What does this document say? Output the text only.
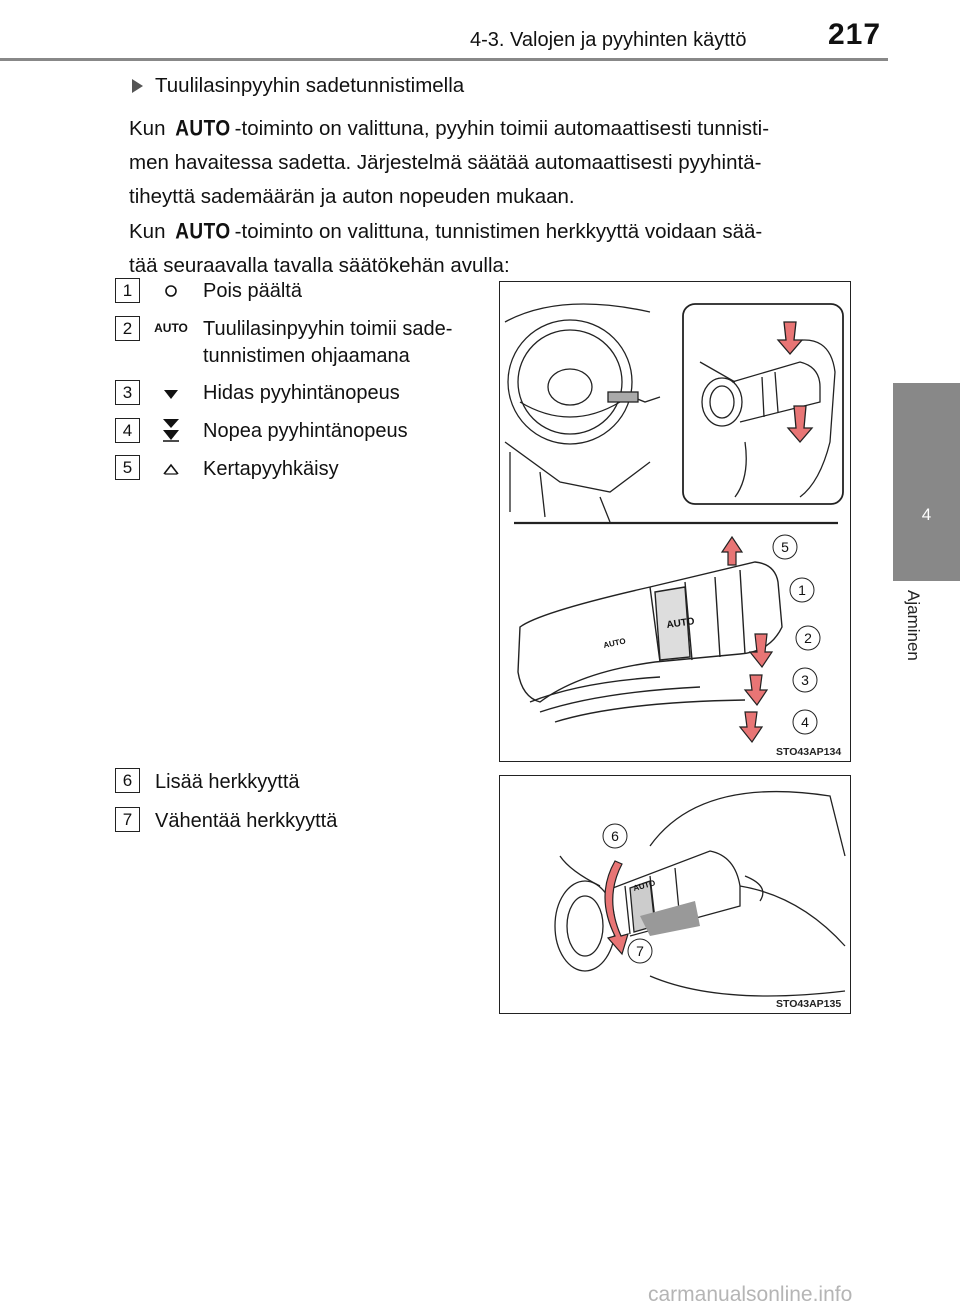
4-3. Valojen ja pyyhinten käyttö	217
4
Ajaminen
Tuulilasinpyyhin sadetunnistimella
Kun AUTO -toiminto on valittuna, pyyhin toimii automaattisesti tunnisti-
men havaitessa sadetta. Järjestelmä säätää automaattisesti pyyhintä-
tiheyttä sademäärän ja auton nopeuden mukaan.
Kun AUTO -toiminto on valittuna, tunnistimen herkkyyttä voidaan sää-
tää seuraavalla tavalla säätökehän avulla:
1	Pois päältä
2	AUTO Tuulilasinpyyhin toimii sade-
tunnistimen ohjaamana
3	Hidas pyyhintänopeus
4	Nopea pyyhintänopeus
5	Kertapyyhkäisy
6	Lisää herkkyyttä
7	Vähentää herkkyyttä
AUTO
AUTO
5
1
2
3
4
STO43AP134
AUTO
6
7
STO43AP135
carmanualsonline.info
